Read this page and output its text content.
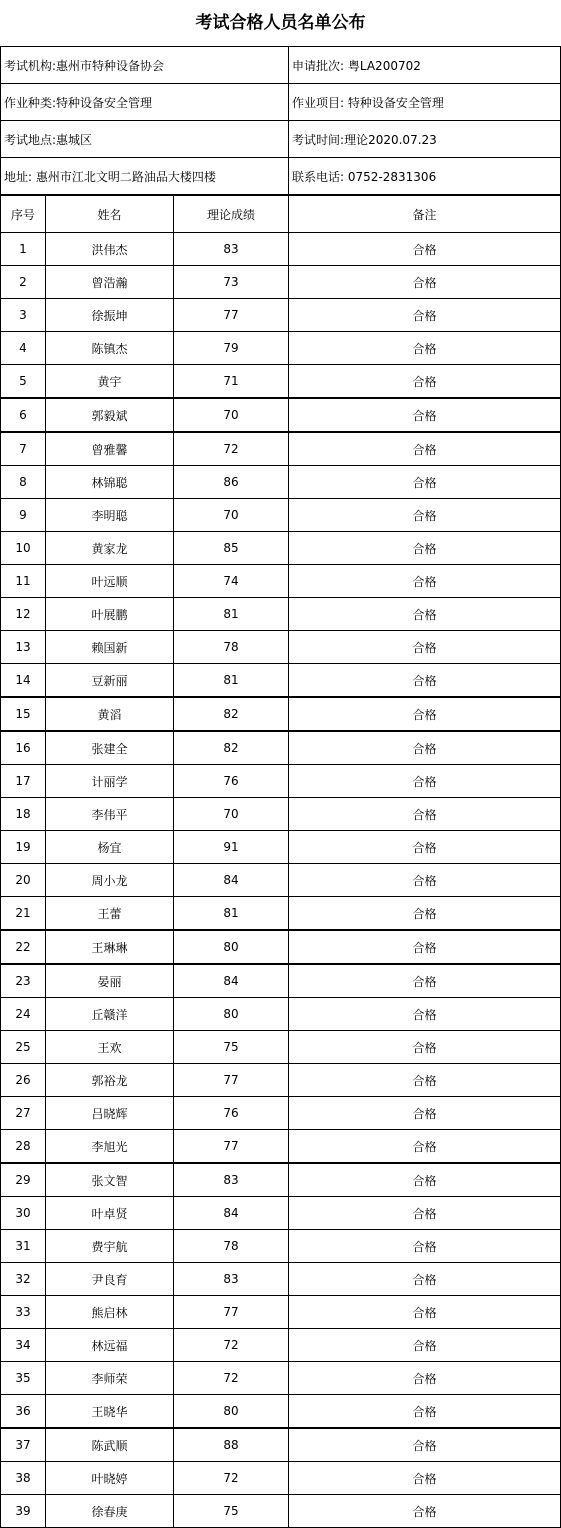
考试合格人员名单公布
考试机构:惠州市特种设备协会			申请批次: 粤LA200702
作业种类:特种设备安全管理			作业项目: 特种设备安全管理
考试地点:惠城区			考试时间:理论2020.07.23
地址: 惠州市江北文明二路油品大楼四楼			联系电话: 0752-2831306
序号	姓名	理论成绩	备注
1	洪伟杰	83	合格
2	曾浩瀚	73	合格
3	徐振坤	77	合格
4	陈镇杰	79	合格
5	黄宇	71	合格
6	郭毅斌	70	合格
7	曾雅馨	72	合格
8	林锦聪	86	合格
9	李明聪	70	合格
10	黄家龙	85	合格
11	叶远顺	74	合格
12	叶展鹏	81	合格
13	赖国新	78	合格
14	豆新丽	81	合格
15	黄滔	82	合格
16	张建全	82	合格
17	计丽学	76	合格
18	李伟平	70	合格
19	杨宜	91	合格
20	周小龙	84	合格
21	王蕾	81	合格
22	王琳琳	80	合格
23	晏丽	84	合格
24	丘赣洋	80	合格
25	王欢	75	合格
26	郭裕龙	77	合格
27	吕晓辉	76	合格
28	李旭光	77	合格
29	张文智	83	合格
30	叶卓贤	84	合格
31	费宇航	78	合格
32	尹良育	83	合格
33	熊启林	77	合格
34	林远福	72	合格
35	李师荣	72	合格
36	王晓华	80	合格
37	陈武顺	88	合格
38	叶晓婷	72	合格
39	徐春庚	75	合格
